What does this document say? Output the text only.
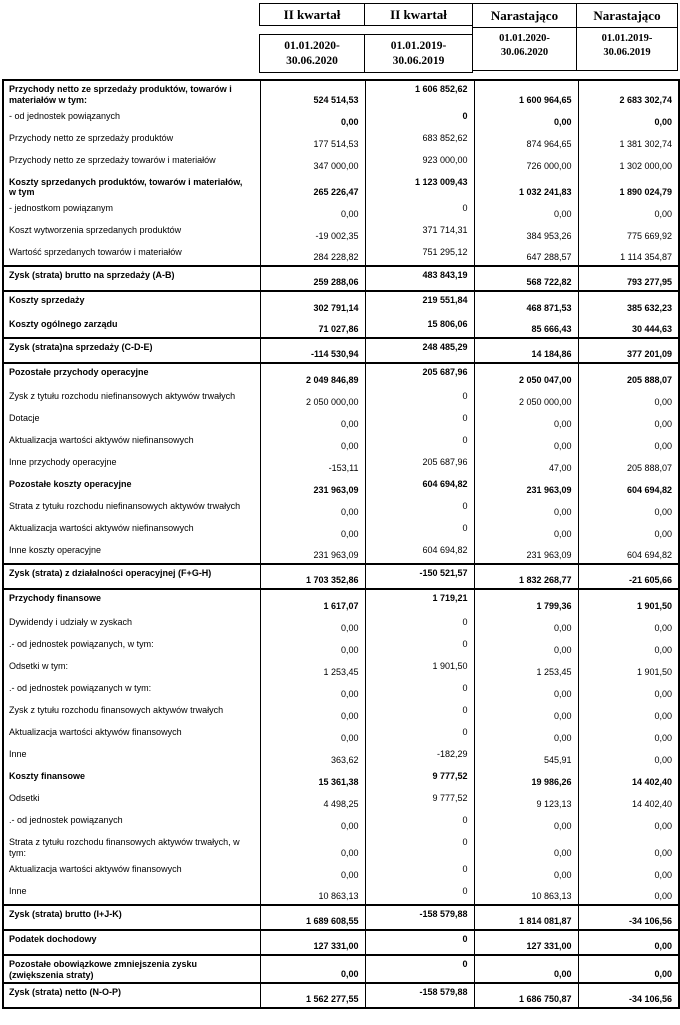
II kwartał
01.01.2020-30.06.2020
II kwartał
01.01.2019-30.06.2019
Narastająco
01.01.2020-30.06.2020
Narastająco
01.01.2019-30.06.2019
Przychody netto ze sprzedaży produktów, towarów i materiałów w tym:	524 514,53	1 606 852,62	1 600 964,65	2 683 302,74
- od jednostek powiązanych	0,00	0	0,00	0,00
Przychody netto ze sprzedaży produktów	177 514,53	683 852,62	874 964,65	1 381 302,74
Przychody netto ze sprzedaży towarów i materiałów	347 000,00	923 000,00	726 000,00	1 302 000,00
Koszty sprzedanych produktów, towarów i materiałów, w tym	265 226,47	1 123 009,43	1 032 241,83	1 890 024,79
- jednostkom powiązanym	0,00	0	0,00	0,00
Koszt wytworzenia sprzedanych produktów	-19 002,35	371 714,31	384 953,26	775 669,92
Wartość sprzedanych towarów i materiałów	284 228,82	751 295,12	647 288,57	1 114 354,87
Zysk (strata) brutto na sprzedaży (A-B)	259 288,06	483 843,19	568 722,82	793 277,95
Koszty sprzedaży	302 791,14	219 551,84	468 871,53	385 632,23
Koszty ogólnego zarządu	71 027,86	15 806,06	85 666,43	30 444,63
Zysk (strata)na sprzedaży (C-D-E)	-114 530,94	248 485,29	14 184,86	377 201,09
Pozostałe przychody operacyjne	2 049 846,89	205 687,96	2 050 047,00	205 888,07
Zysk z tytułu rozchodu niefinansowych aktywów trwałych	2 050 000,00	0	2 050 000,00	0,00
Dotacje	0,00	0	0,00	0,00
Aktualizacja wartości aktywów niefinansowych	0,00	0	0,00	0,00
Inne przychody operacyjne	-153,11	205 687,96	47,00	205 888,07
Pozostałe koszty operacyjne	231 963,09	604 694,82	231 963,09	604 694,82
Strata z tytułu rozchodu niefinansowych aktywów trwałych	0,00	0	0,00	0,00
Aktualizacja wartości aktywów niefinansowych	0,00	0	0,00	0,00
Inne koszty operacyjne	231 963,09	604 694,82	231 963,09	604 694,82
Zysk (strata) z działalności operacyjnej (F+G-H)	1 703 352,86	-150 521,57	1 832 268,77	-21 605,66
Przychody finansowe	1 617,07	1 719,21	1 799,36	1 901,50
Dywidendy i udziały w zyskach	0,00	0	0,00	0,00
.- od jednostek powiązanych, w tym:	0,00	0	0,00	0,00
Odsetki w tym:	1 253,45	1 901,50	1 253,45	1 901,50
.- od jednostek powiązanych w tym:	0,00	0	0,00	0,00
Zysk z tytułu rozchodu finansowych aktywów trwałych	0,00	0	0,00	0,00
Aktualizacja wartości aktywów finansowych	0,00	0	0,00	0,00
Inne	363,62	-182,29	545,91	0,00
Koszty finansowe	15 361,38	9 777,52	19 986,26	14 402,40
Odsetki	4 498,25	9 777,52	9 123,13	14 402,40
.- od jednostek powiązanych	0,00	0	0,00	0,00
Strata z tytułu rozchodu finansowych aktywów trwałych, w tym:	0,00	0	0,00	0,00
Aktualizacja wartości aktywów finansowych	0,00	0	0,00	0,00
Inne	10 863,13	0	10 863,13	0,00
Zysk (strata) brutto (I+J-K)	1 689 608,55	-158 579,88	1 814 081,87	-34 106,56
Podatek dochodowy	127 331,00	0	127 331,00	0,00
Pozostałe obowiązkowe zmniejszenia zysku (zwiększenia straty)	0,00	0	0,00	0,00
Zysk (strata) netto (N-O-P)	1 562 277,55	-158 579,88	1 686 750,87	-34 106,56
